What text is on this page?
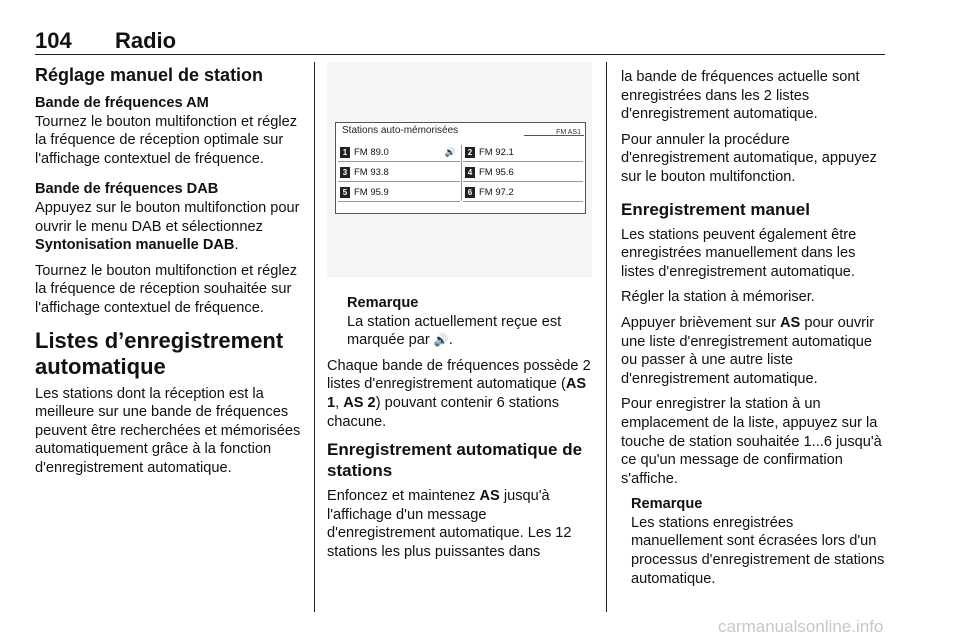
104 Radio
Réglage manuel de station

Bande de fréquences AM
Tournez le bouton multifonction et réglez la fréquence de réception optimale sur l'affichage contextuel de fréquence.

Bande de fréquences DAB
Appuyez sur le bouton multifonction pour ouvrir le menu DAB et sélectionnez Syntonisation manuelle DAB.

Tournez le bouton multifonction et réglez la fréquence de réception souhaitée sur l'affichage contextuel de fréquence.

Listes d’enregistrement automatique

Les stations dont la réception est la meilleure sur une bande de fréquences peuvent être recherchées et mémorisées automatiquement grâce à la fonction d'enregistrement automatique.

Stations auto-mémorisées	FM AS1
1 FM 89.0	🔊	2 FM 92.1
3 FM 93.8	4 FM 95.6
5 FM 95.9	6 FM 97.2
Remarque
La station actuellement reçue est marquée par 🔊.

Chaque bande de fréquences possède 2 listes d'enregistrement automatique (AS 1, AS 2) pouvant contenir 6 stations chacune.

Enregistrement automatique de stations

Enfoncez et maintenez AS jusqu'à l'affichage d'un message d'enregistrement automatique. Les 12 stations les plus puissantes dans

la bande de fréquences actuelle sont enregistrées dans les 2 listes d'enregistrement automatique.

Pour annuler la procédure d'enregistrement automatique, appuyez sur le bouton multifonction.

Enregistrement manuel

Les stations peuvent également être enregistrées manuellement dans les listes d'enregistrement automatique.

Régler la station à mémoriser.

Appuyer brièvement sur AS pour ouvrir une liste d'enregistrement automatique ou passer à une autre liste d'enregistrement automatique.

Pour enregistrer la station à un emplacement de la liste, appuyez sur la touche de station souhaitée 1...6 jusqu'à ce qu'un message de confirmation s'affiche.

Remarque
Les stations enregistrées manuellement sont écrasées lors d'un processus d'enregistrement de stations automatique.
carmanualsonline.info
